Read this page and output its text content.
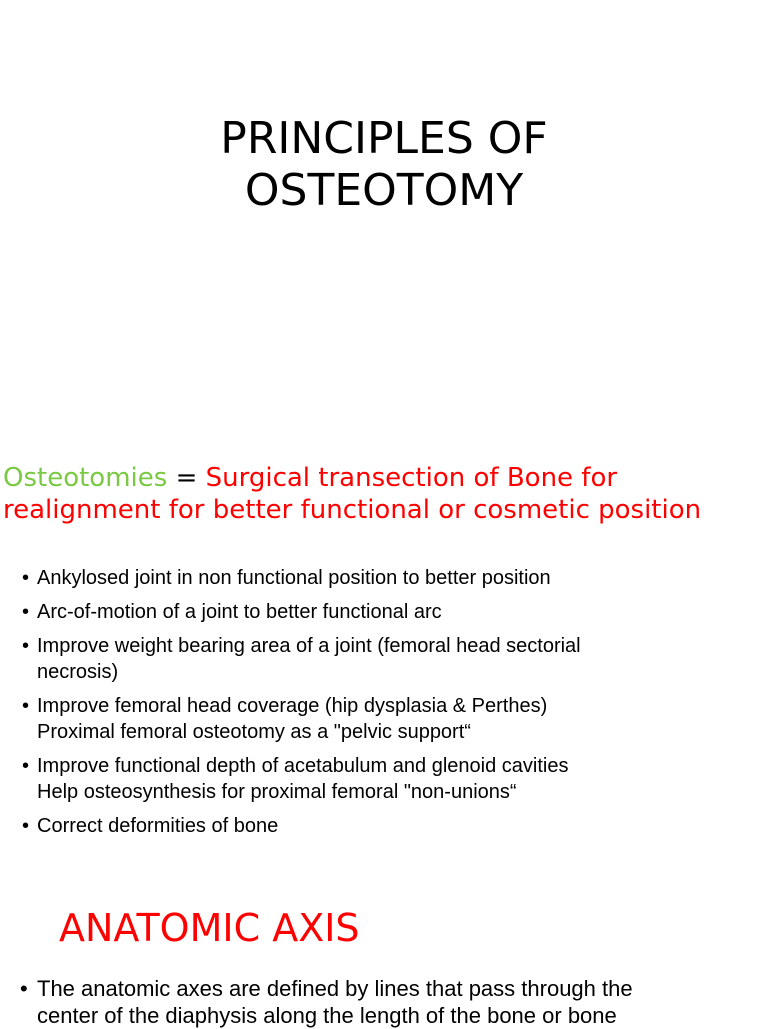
PRINCIPLES OF
OSTEOTOMY
Osteotomies = Surgical transection of Bone for realignment for better functional or cosmetic position
• Ankylosed joint in non functional position to better position
• Arc-of-motion of a joint to better functional arc
• Improve weight bearing area of a joint (femoral head sectorial
necrosis)
• Improve femoral head coverage (hip dysplasia & Perthes)
Proximal femoral osteotomy as a "pelvic support“
• Improve functional depth of acetabulum and glenoid cavities
Help osteosynthesis for proximal femoral "non-unions“
• Correct deformities of bone
ANATOMIC AXIS
• The anatomic axes are defined by lines that pass through the
center of the diaphysis along the length of the bone or bone
